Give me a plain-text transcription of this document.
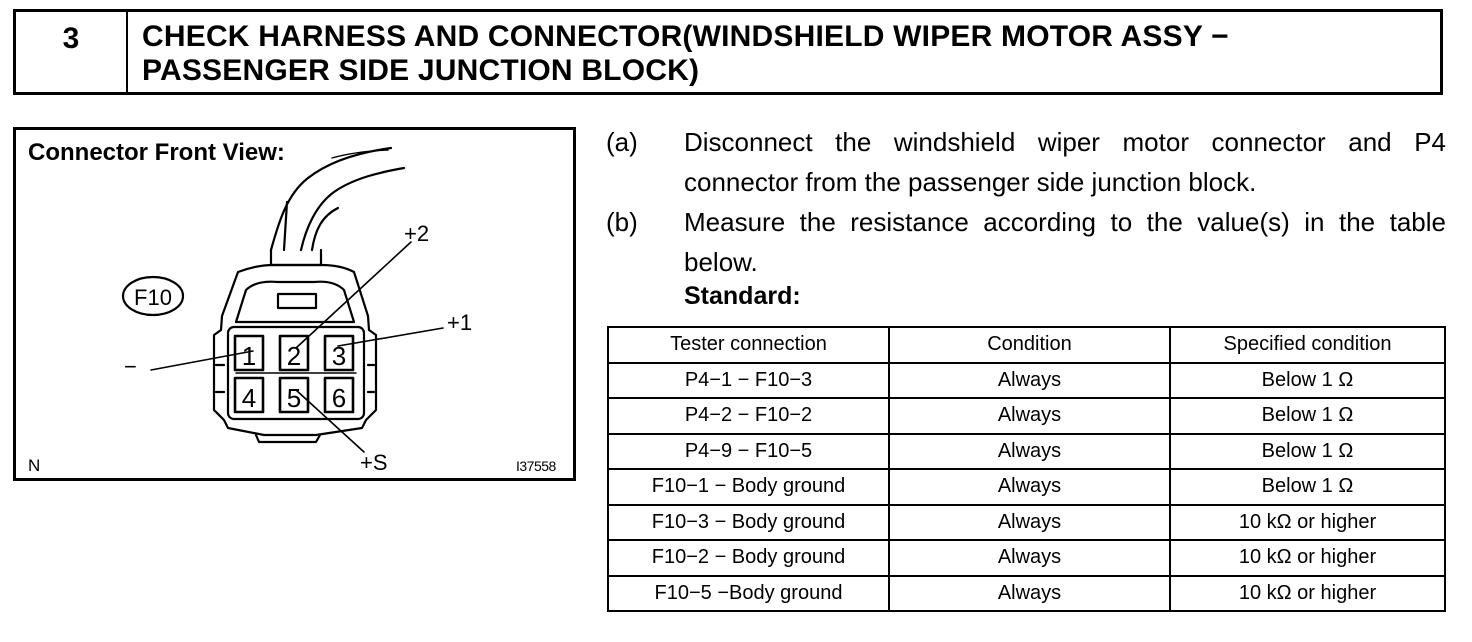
3	CHECK HARNESS AND CONNECTOR(WINDSHIELD WIPER MOTOR ASSY −
PASSENGER SIDE JUNCTION BLOCK)
1 2 3
4 5 6
F10
+2
+1
−
+S
Connector Front View:
N	I37558
(a)	Disconnect the windshield wiper motor connector and P4 connector from the passenger side junction block.
(b)	Measure the resistance according to the value(s) in the table below.
Standard:
Tester connection	Condition	Specified condition
P4−1 − F10−3	Always	Below 1 Ω
P4−2 − F10−2	Always	Below 1 Ω
P4−9 − F10−5	Always	Below 1 Ω
F10−1 − Body ground	Always	Below 1 Ω
F10−3 − Body ground	Always	10 kΩ or higher
F10−2 − Body ground	Always	10 kΩ or higher
F10−5 −Body ground	Always	10 kΩ or higher
